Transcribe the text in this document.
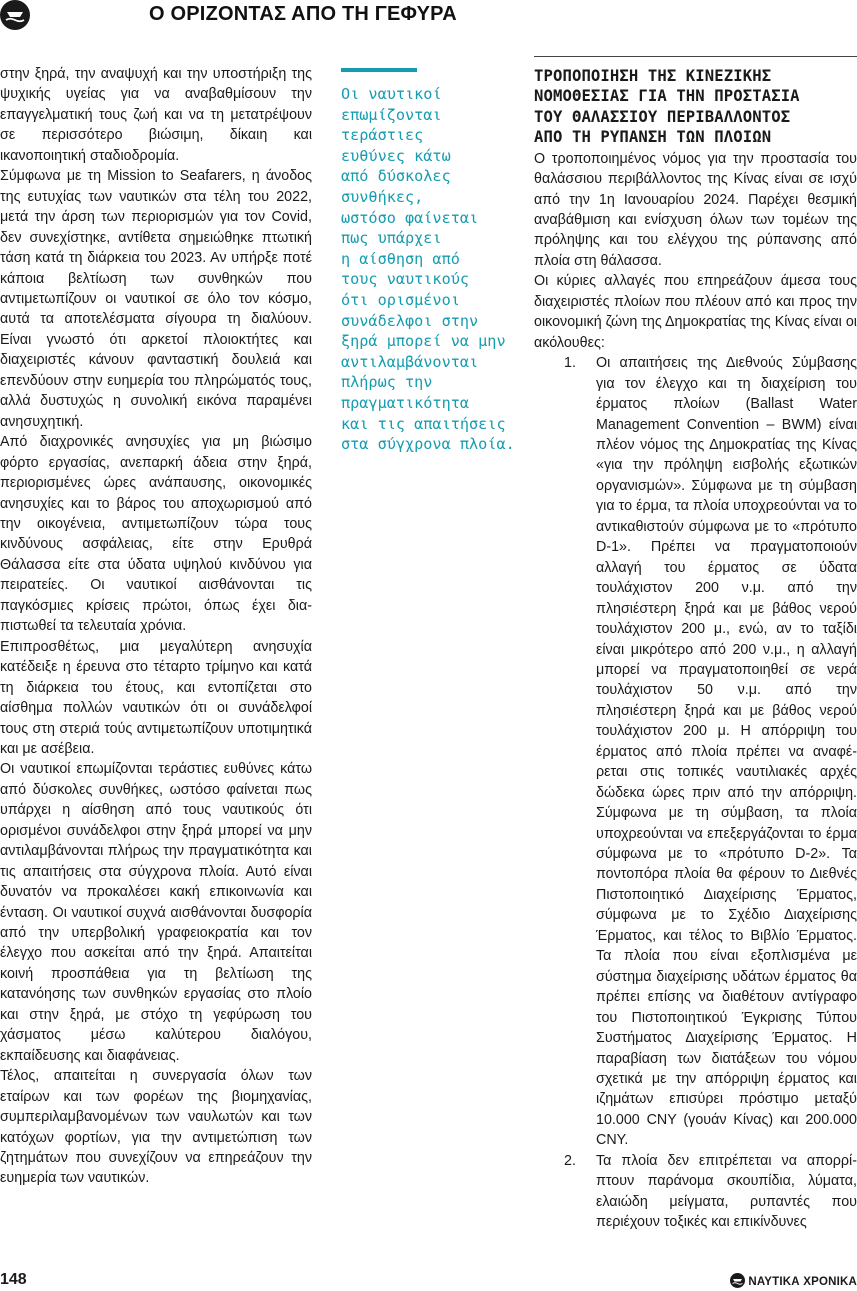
Ο ΟΡΙΖΟΝΤΑΣ ΑΠΟ ΤΗ ΓΕΦΥΡΑ

στην ξηρά, την αναψυχή και την υποστήριξη της ψυχικής υγείας για να αναβαθμίσουν την επαγγελματική τους ζωή και να τη μετατρέψουν σε περισσότερο βιώσιμη, δίκαιη και ικανοποιητική σταδιοδρομία.

Σύμφωνα με τη Mission to Seafarers, η άνοδος της ευτυχίας των ναυτικών στα τέλη του 2022, μετά την άρση των περιορισμών για τον Covid, δεν συνεχίστηκε, αντίθετα σημειώθηκε πτωτική τάση κατά τη διάρκεια του 2023. Αν υπήρξε ποτέ κάποια βελτίωση των συνθηκών που αντιμετωπίζουν οι ναυτικοί σε όλο τον κόσμο, αυτά τα αποτελέσματα σίγουρα τη διαλύουν. Είναι γνωστό ότι αρκετοί πλοιοκτήτες και διαχειριστές κάνουν φανταστική δουλειά και επενδύουν στην ευημερία του πληρώματός τους, αλλά δυστυχώς η συνολική εικόνα παραμένει ανησυχητική.

Από διαχρονικές ανησυχίες για μη βιώσιμο φόρτο εργασίας, ανεπαρκή άδεια στην ξηρά, περιορισμένες ώρες ανάπαυσης, οικονομικές ανησυχίες και το βάρος του αποχωρισμού από την οικογένεια, αντιμετωπίζουν τώρα τους κινδύνους ασφάλειας, είτε στην Ερυθρά Θάλασσα είτε στα ύδατα υψηλού κινδύνου για πειρατείες. Οι ναυτικοί αισθάνονται τις παγκόσμιες κρίσεις πρώτοι, όπως έχει διαπιστωθεί τα τελευταία χρόνια.

Επιπροσθέτως, μια μεγαλύτερη ανησυχία κατέδειξε η έρευνα στο τέταρτο τρίμηνο και κατά τη διάρκεια του έτους, και εντοπίζεται στο αίσθημα πολλών ναυτικών ότι οι συνάδελφοί τους στη στεριά τούς αντιμετωπίζουν υποτιμητικά και με ασέβεια.

Οι ναυτικοί επωμίζονται τεράστιες ευθύνες κάτω από δύσκολες συνθήκες, ωστόσο φαίνεται πως υπάρχει η αίσθηση από τους ναυτικούς ότι ορισμένοι συνάδελφοι στην ξηρά μπορεί να μην αντιλαμβάνονται πλήρως την πραγματικότητα και τις απαιτήσεις στα σύγχρονα πλοία. Αυτό είναι δυνατόν να προκαλέσει κακή επικοινωνία και ένταση. Οι ναυτικοί συχνά αισθάνονται δυσφορία από την υπερβολική γραφειοκρατία και τον έλεγχο που ασκείται από την ξηρά. Απαιτείται κοινή προσπάθεια για τη βελτίωση της κατανόησης των συνθηκών εργασίας στο πλοίο και στην ξηρά, με στόχο τη γεφύρωση του χάσματος μέσω καλύτερου διαλόγου, εκπαίδευσης και διαφάνειας.

Τέλος, απαιτείται η συνεργασία όλων των εταίρων και των φορέων της βιομηχανίας, συμπεριλαμβανομένων των ναυλωτών και των κατόχων φορτίων, για την αντιμετώπιση των ζητημάτων που συνεχίζουν να επηρεάζουν την ευημερία των ναυτικών.

Οι ναυτικοί
επωμίζονται
τεράστιες
ευθύνες κάτω
από δύσκολες
συνθήκες,
ωστόσο φαίνεται
πως υπάρχει
η αίσθηση από
τους ναυτικούς
ότι ορισμένοι
συνάδελφοι στην
ξηρά μπορεί να μην
αντιλαμβάνονται
πλήρως την
πραγματικότητα
και τις απαιτήσεις
στα σύγχρονα πλοία.
ΤΡΟΠΟΠΟΙΗΣΗ ΤΗΣ ΚΙΝΕΖΙΚΗΣ
ΝΟΜΟΘΕΣΙΑΣ ΓΙΑ ΤΗΝ ΠΡΟΣΤΑΣΙΑ
ΤΟΥ ΘΑΛΑΣΣΙΟΥ ΠΕΡΙΒΑΛΛΟΝΤΟΣ
ΑΠΟ ΤΗ ΡΥΠΑΝΣΗ ΤΩΝ ΠΛΟΙΩΝ

Ο τροποποιημένος νόμος για την προστασία του θαλάσσιου περιβάλλοντος της Κίνας είναι σε ισχύ από την 1η Ιανουαρίου 2024. Παρέχει θεσμική αναβάθμιση και ενίσχυση όλων των τομέων της πρόληψης και του ελέγχου της ρύπανσης από πλοία στη θάλασσα.

Οι κύριες αλλαγές που επηρεάζουν άμεσα τους διαχειριστές πλοίων που πλέουν από και προς την οικονομική ζώνη της Δημοκρατίας της Κίνας είναι οι ακόλουθες:

1. Οι απαιτήσεις της Διεθνούς Σύμβασης για τον έλεγχο και τη διαχείριση του έρματος πλοίων (Ballast Water Management Convention – BWM) είναι πλέον νόμος της Δημοκρατίας της Κίνας «για την πρόληψη εισβολής εξωτικών οργανισμών». Σύμφωνα με τη σύμβαση για το έρμα, τα πλοία υποχρεούνται να το αντικαθιστούν σύμφωνα με το «πρότυπο D-1». Πρέπει να πραγματοποιούν αλλαγή του έρματος σε ύδατα τουλάχιστον 200 ν.μ. από την πλησιέστερη ξηρά και με βάθος νερού τουλάχιστον 200 μ., ενώ, αν το ταξίδι είναι μικρότερο από 200 ν.μ., η αλλαγή μπορεί να πραγματοποιηθεί σε νερά τουλάχιστον 50 ν.μ. από την πλησιέστερη ξηρά και με βάθος νερού τουλάχιστον 200 μ. Η απόρριψη του έρματος από πλοία πρέπει να αναφέρεται στις τοπικές ναυτιλιακές αρχές δώδεκα ώρες πριν από την απόρριψη. Σύμφωνα με τη σύμβαση, τα πλοία υποχρεούνται να επεξεργάζονται το έρμα σύμφωνα με το «πρότυπο D-2». Τα ποντοπόρα πλοία θα φέρουν το Διεθνές Πιστοποιητικό Διαχείρισης Έρματος, σύμφωνα με το Σχέδιο Διαχείρισης Έρματος, και τέλος το Βιβλίο Έρματος. Τα πλοία που είναι εξοπλισμένα με σύστημα διαχείρισης υδάτων έρματος θα πρέπει επίσης να διαθέτουν αντίγραφο του Πιστοποιητικού Έγκρισης Τύπου Συστήματος Διαχείρισης Έρματος. Η παραβίαση των διατάξεων του νόμου σχετικά με την απόρριψη έρματος και ιζημάτων επισύρει πρόστιμο μεταξύ 10.000 CNY (γουάν Κίνας) και 200.000 CNY.
2. Τα πλοία δεν επιτρέπεται να απορρίπτουν παράνομα σκουπίδια, λύματα, ελαιώδη μείγματα, ρυπαντές που περιέχουν τοξικές και επικίνδυνες
148	ΝΑΥΤΙΚΑ ΧΡΟΝΙΚΑ
